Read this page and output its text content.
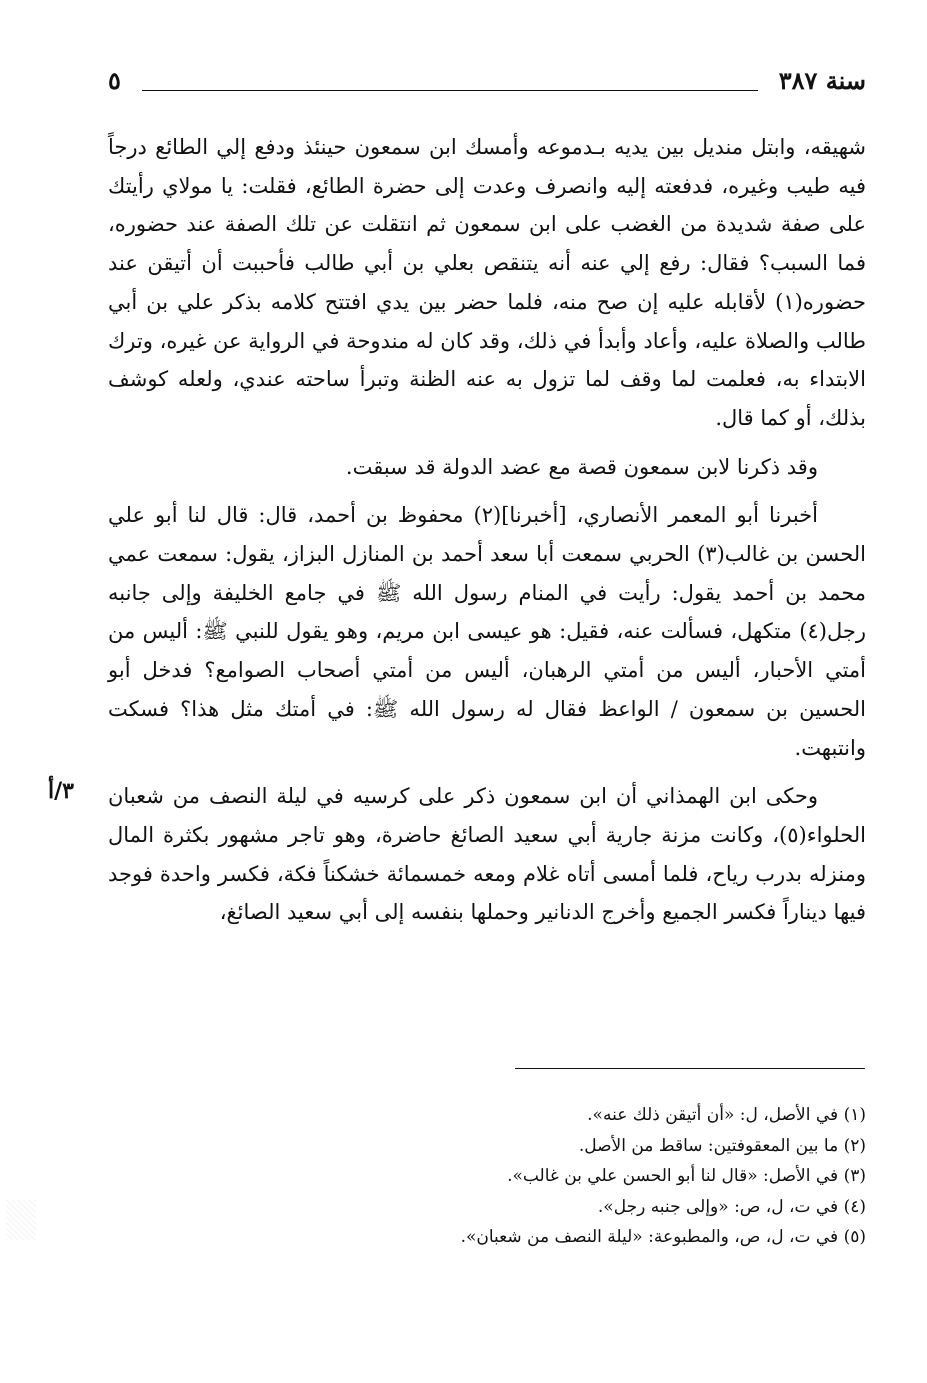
سنة ٣٨٧
٥

شهيقه، وابتل منديل بين يديه بـدموعه وأمسك ابن سمعون حينئذ ودفع إلي الطائع درجاً فيه طيب وغيره، فدفعته إليه وانصرف وعدت إلى حضرة الطائع، فقلت: يا مولاي رأيتك على صفة شديدة من الغضب على ابن سمعون ثم انتقلت عن تلك الصفة عند حضوره، فما السبب؟ فقال: رفع إلي عنه أنه يتنقص بعلي بن أبي طالب فأحببت أن أتيقن عند حضوره(١) لأقابله عليه إن صح منه، فلما حضر بين يدي افتتح كلامه بذكر علي بن أبي طالب والصلاة عليه، وأعاد وأبدأ في ذلك، وقد كان له مندوحة في الرواية عن غيره، وترك الابتداء به، فعلمت لما وقف لما تزول به عنه الظنة وتبرأ ساحته عندي، ولعله كوشف بذلك، أو كما قال.

وقد ذكرنا لابن سمعون قصة مع عضد الدولة قد سبقت.

أخبرنا أبو المعمر الأنصاري، [أخبرنا](٢) محفوظ بن أحمد، قال: قال لنا أبو علي الحسن بن غالب(٣) الحربي سمعت أبا سعد أحمد بن المنازل البزاز، يقول: سمعت عمي محمد بن أحمد يقول: رأيت في المنام رسول الله ﷺ في جامع الخليفة وإلى جانبه رجل(٤) متكهل، فسألت عنه، فقيل: هو عيسى ابن مريم، وهو يقول للنبي ﷺ: أليس من أمتي الأحبار، أليس من أمتي الرهبان، أليس من أمتي أصحاب الصوامع؟ فدخل أبو الحسين بن سمعون / الواعظ فقال له رسول الله ﷺ: في أمتك مثل هذا؟ فسكت وانتبهت.

وحكى ابن الهمذاني أن ابن سمعون ذكر على كرسيه في ليلة النصف من شعبان الحلواء(٥)، وكانت مزنة جارية أبي سعيد الصائغ حاضرة، وهو تاجر مشهور بكثرة المال ومنزله بدرب رياح، فلما أمسى أتاه غلام ومعه خمسمائة خشكناً فكة، فكسر واحدة فوجد فيها ديناراً فكسر الجميع وأخرج الدنانير وحملها بنفسه إلى أبي سعيد الصائغ،

٣/أ
(١) في الأصل، ل: «أن أتيقن ذلك عنه».
(٢) ما بين المعقوفتين: ساقط من الأصل.
(٣) في الأصل: «قال لنا أبو الحسن علي بن غالب».
(٤) في ت، ل، ص: «وإلى جنبه رجل».
(٥) في ت، ل، ص، والمطبوعة: «ليلة النصف من شعبان».
